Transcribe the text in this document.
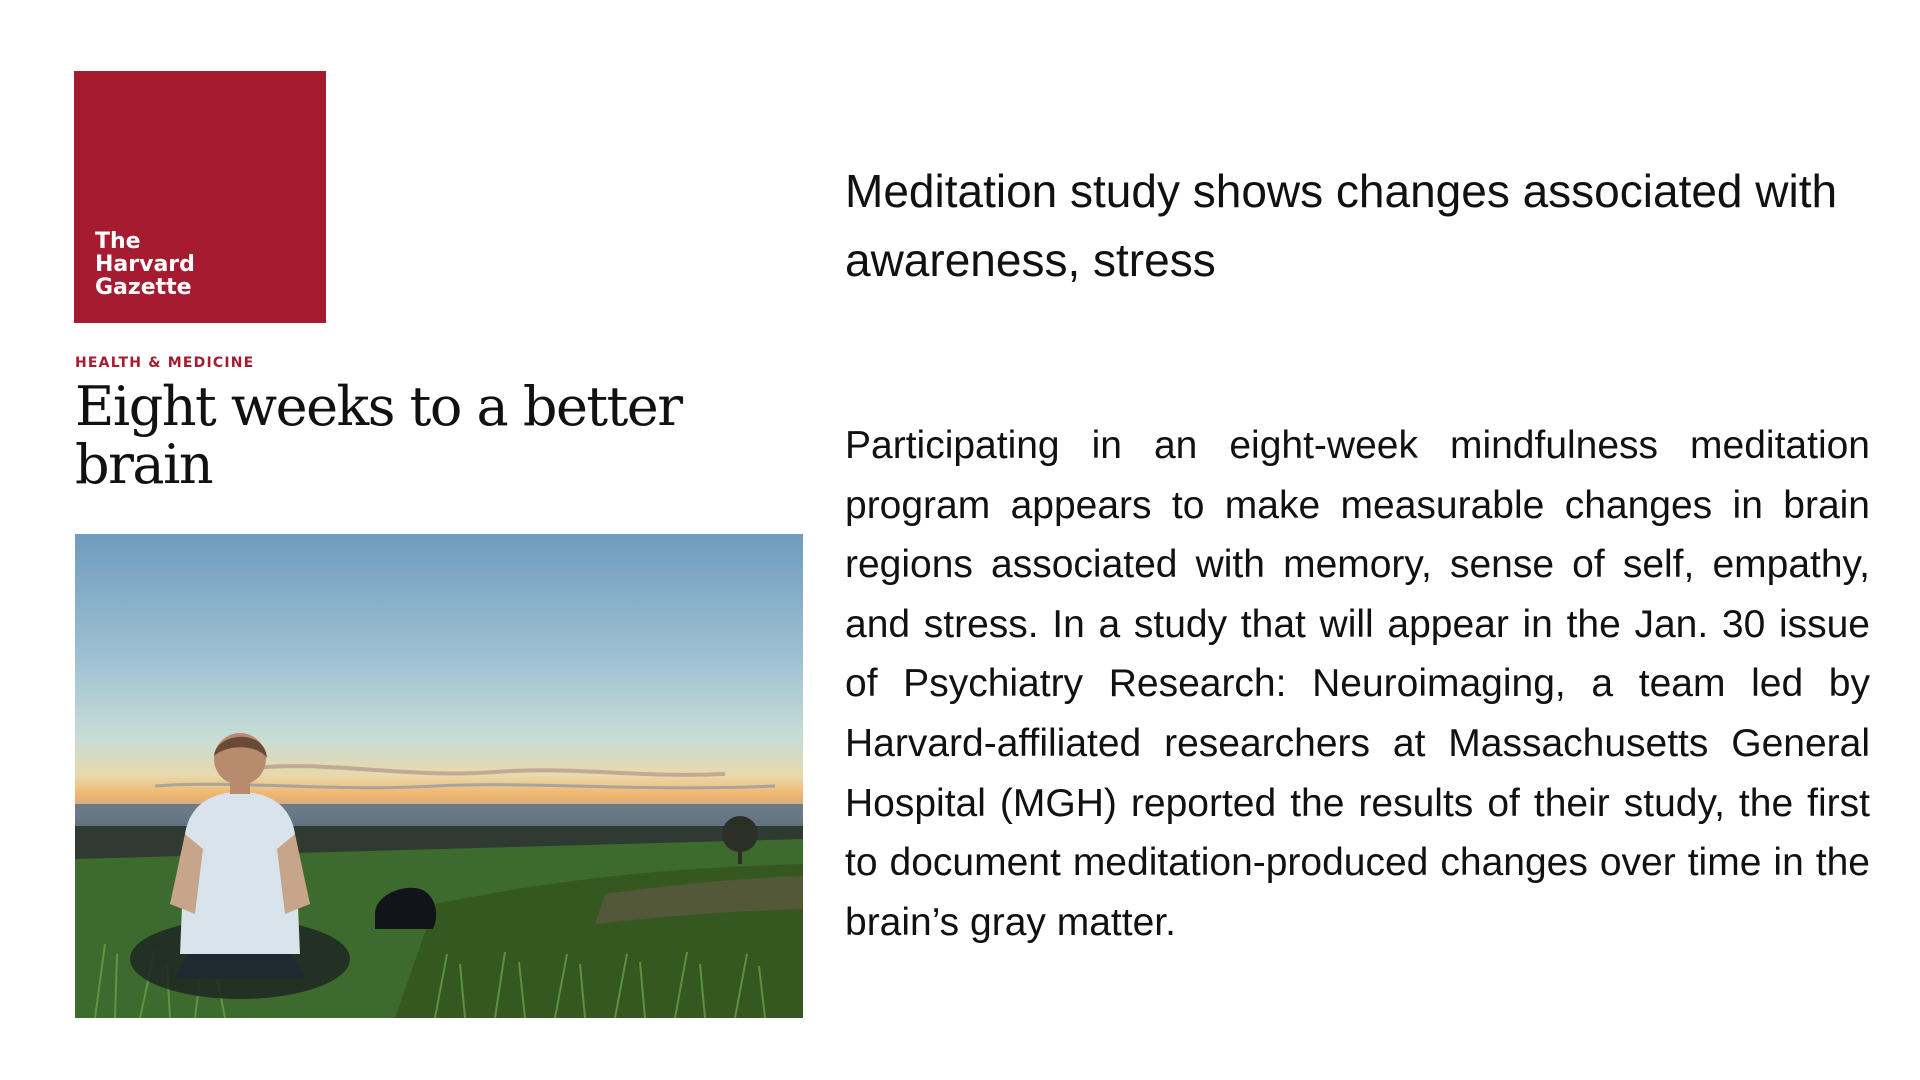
The
Harvard
Gazette
HEALTH & MEDICINE
Eight weeks to a better brain
Meditation study shows changes associated with awareness, stress
Participating in an eight-week mindfulness meditation program appears to make measurable changes in brain regions associated with memory, sense of self, empathy, and stress. In a study that will appear in the Jan. 30 issue of Psychiatry Research: Neuroimaging, a team led by Harvard-affiliated researchers at Massachusetts General Hospital (MGH) reported the results of their study, the first to document meditation-produced changes over time in the brain’s gray matter.
